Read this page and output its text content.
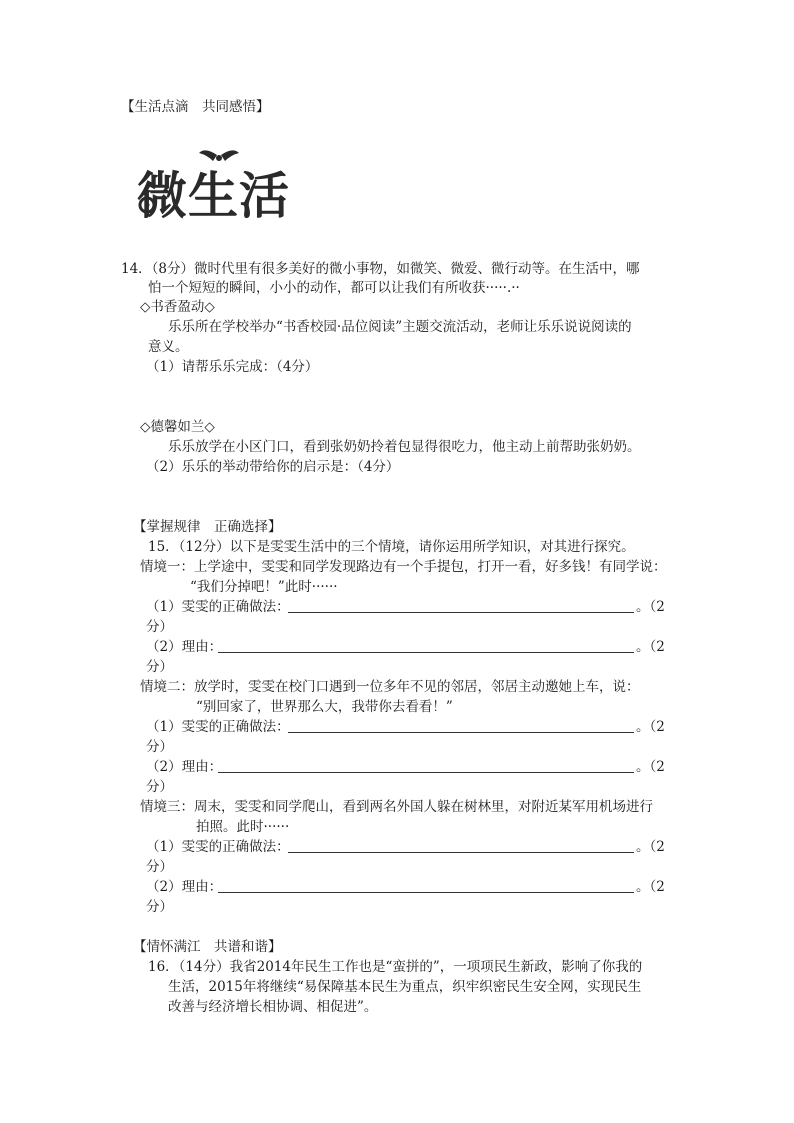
【生活点滴　共同感悟】
微生活
14．（8分）微时代里有很多美好的微小事物，如微笑、微爱、微行动等。在生活中，哪
怕一个短短的瞬间，小小的动作，都可以让我们有所收获·····.··
◇书香盈动◇
乐乐所在学校举办“书香校园·品位阅读”主题交流活动，老师让乐乐说说阅读的
意义。
（1）请帮乐乐完成：（4分）
◇德馨如兰◇
乐乐放学在小区门口，看到张奶奶拎着包显得很吃力，他主动上前帮助张奶奶。
（2）乐乐的举动带给你的启示是：（4分）
【掌握规律　正确选择】
15．（12分）以下是雯雯生活中的三个情境，请你运用所学知识，对其进行探究。
情境一：上学途中，雯雯和同学发现路边有一个手提包，打开一看，好多钱！有同学说：
“我们分掉吧！”此时······
（1）雯雯的正确做法：	。（2
分）
（2）理由：	。（2
分）
情境二：放学时，雯雯在校门口遇到一位多年不见的邻居，邻居主动邀她上车，说：
“别回家了，世界那么大，我带你去看看！”
（1）雯雯的正确做法：	。（2
分）
（2）理由：	。（2
分）
情境三：周末，雯雯和同学爬山，看到两名外国人躲在树林里，对附近某军用机场进行
拍照。此时······
（1）雯雯的正确做法：	。（2
分）
（2）理由：	。（2
分）
【情怀满江　共谱和谐】
16．（14分）我省2014年民生工作也是“蛮拼的”，一项项民生新政，影响了你我的
生活，2015年将继续“易保障基本民生为重点，织牢织密民生安全网，实现民生
改善与经济增长相协调、相促进”。
